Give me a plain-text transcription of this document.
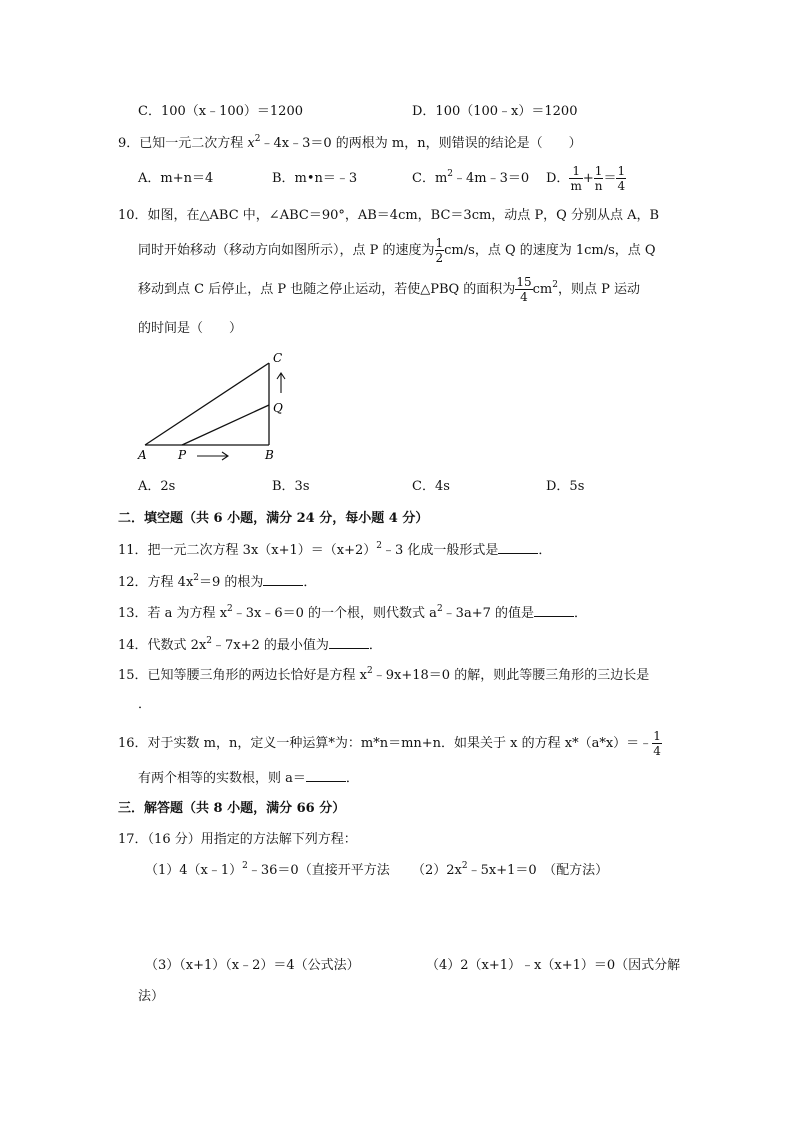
C．100（x﹣100）＝1200	D．100（100﹣x）＝1200
9．已知一元二次方程 $x^2﹣4x﹣3=0$ 的两根为 m，n，则错误的结论是（　　）
A．m+n＝4	B．m•n＝﹣3	C．$m^2﹣4m﹣3=0$ D． $\frac{1}{m} + \frac{1}{n} = \frac{1}{4}$
10．如图，在△ABC 中，∠ABC＝90°，AB＝4cm，BC＝3cm，动点 P，Q 分别从点 A，B
同时开始移动（移动方向如图所示），点 P 的速度为 $\frac{1}{2} cm/s$，点 Q 的速度为 1cm/s，点 Q
移动到点 C 后停止，点 P 也随之停止运动，若使△PBQ 的面积为 $\frac{15}{4} cm^2$，则点 P 运动
的时间是（　　）
A	P	B
Q
C
A．2s	B．3s	C．4s	D．5s
二．填空题（共 6 小题，满分 24 分，每小题 4 分）
11．把一元二次方程 $3x(x+1)=(x+2)^2﹣3$ 化成一般形式是	．
12．方程 $4x^2=9$ 的根为	．
13．若 a 为方程 $x^2﹣3x﹣6=0$ 的一个根，则代数式 $a^2﹣3a+7$ 的值是	．
14．代数式 $2x^2﹣7x+2$ 的最小值为	．
15．已知等腰三角形的两边长恰好是方程 $x^2﹣9x+18=0$ 的解，则此等腰三角形的三边长是
．
16．对于实数 m，n，定义一种运算*为：m*n＝mn+n．如果关于 x 的方程 x*（a*x）＝﹣ $\frac{1}{4}$
有两个相等的实数根，则 a＝	．
三．解答题（共 8 小题，满分 66 分）
17．（16 分）用指定的方法解下列方程：
（1）4（x﹣1）$^2$﹣36＝0（直接开平方法 $(2)2x^2﹣5x+1=0$　（配方法）
（3）（x+1）（x﹣2）＝4（公式法）	（4）2（x+1）﹣x（x+1）＝0（因式分解
法）
